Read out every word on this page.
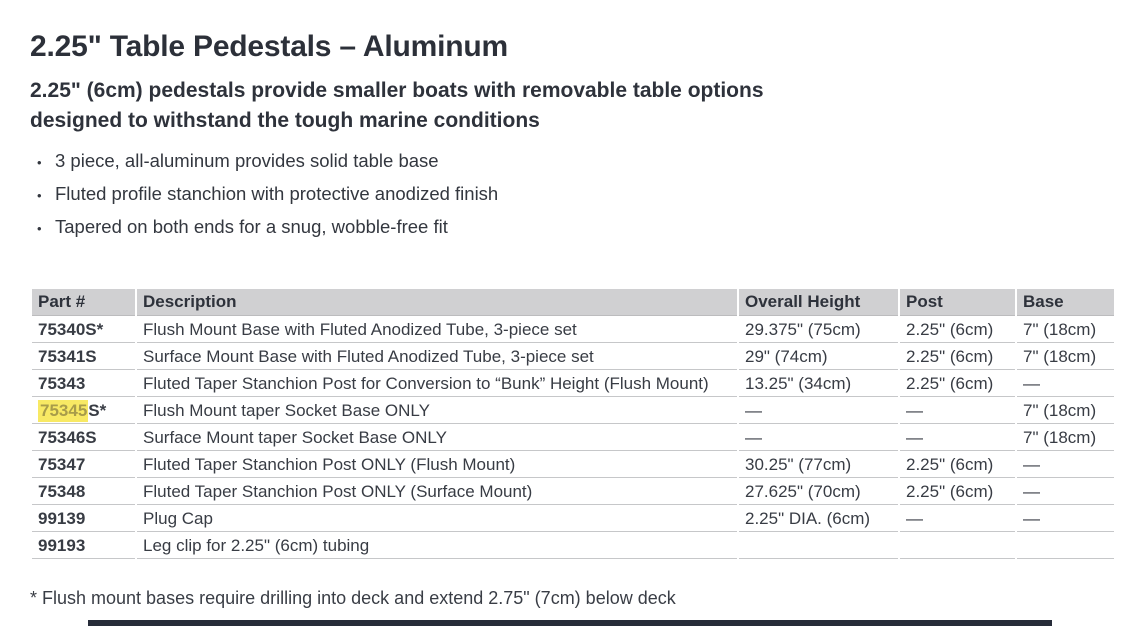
2.25" Table Pedestals – Aluminum
2.25" (6cm) pedestals provide smaller boats with removable table options
designed to withstand the tough marine conditions
• 3 piece, all-aluminum provides solid table base
• Fluted profile stanchion with protective anodized finish
• Tapered on both ends for a snug, wobble-free fit
Part #	Description	Overall Height	Post	Base
75340S*	Flush Mount Base with Fluted Anodized Tube, 3-piece set	29.375" (75cm)	2.25" (6cm)	7" (18cm)
75341S	Surface Mount Base with Fluted Anodized Tube, 3-piece set	29" (74cm)	2.25" (6cm)	7" (18cm)
75343	Fluted Taper Stanchion Post for Conversion to “Bunk” Height (Flush Mount)	13.25" (34cm)	2.25" (6cm)	—
75345S*	Flush Mount taper Socket Base ONLY	—	—	7" (18cm)
75346S	Surface Mount taper Socket Base ONLY	—	—	7" (18cm)
75347	Fluted Taper Stanchion Post ONLY (Flush Mount)	30.25" (77cm)	2.25" (6cm)	—
75348	Fluted Taper Stanchion Post ONLY (Surface Mount)	27.625" (70cm)	2.25" (6cm)	—
99139	Plug Cap	2.25" DIA. (6cm)	—	—
99193	Leg clip for 2.25" (6cm) tubing			
* Flush mount bases require drilling into deck and extend 2.75" (7cm) below deck
